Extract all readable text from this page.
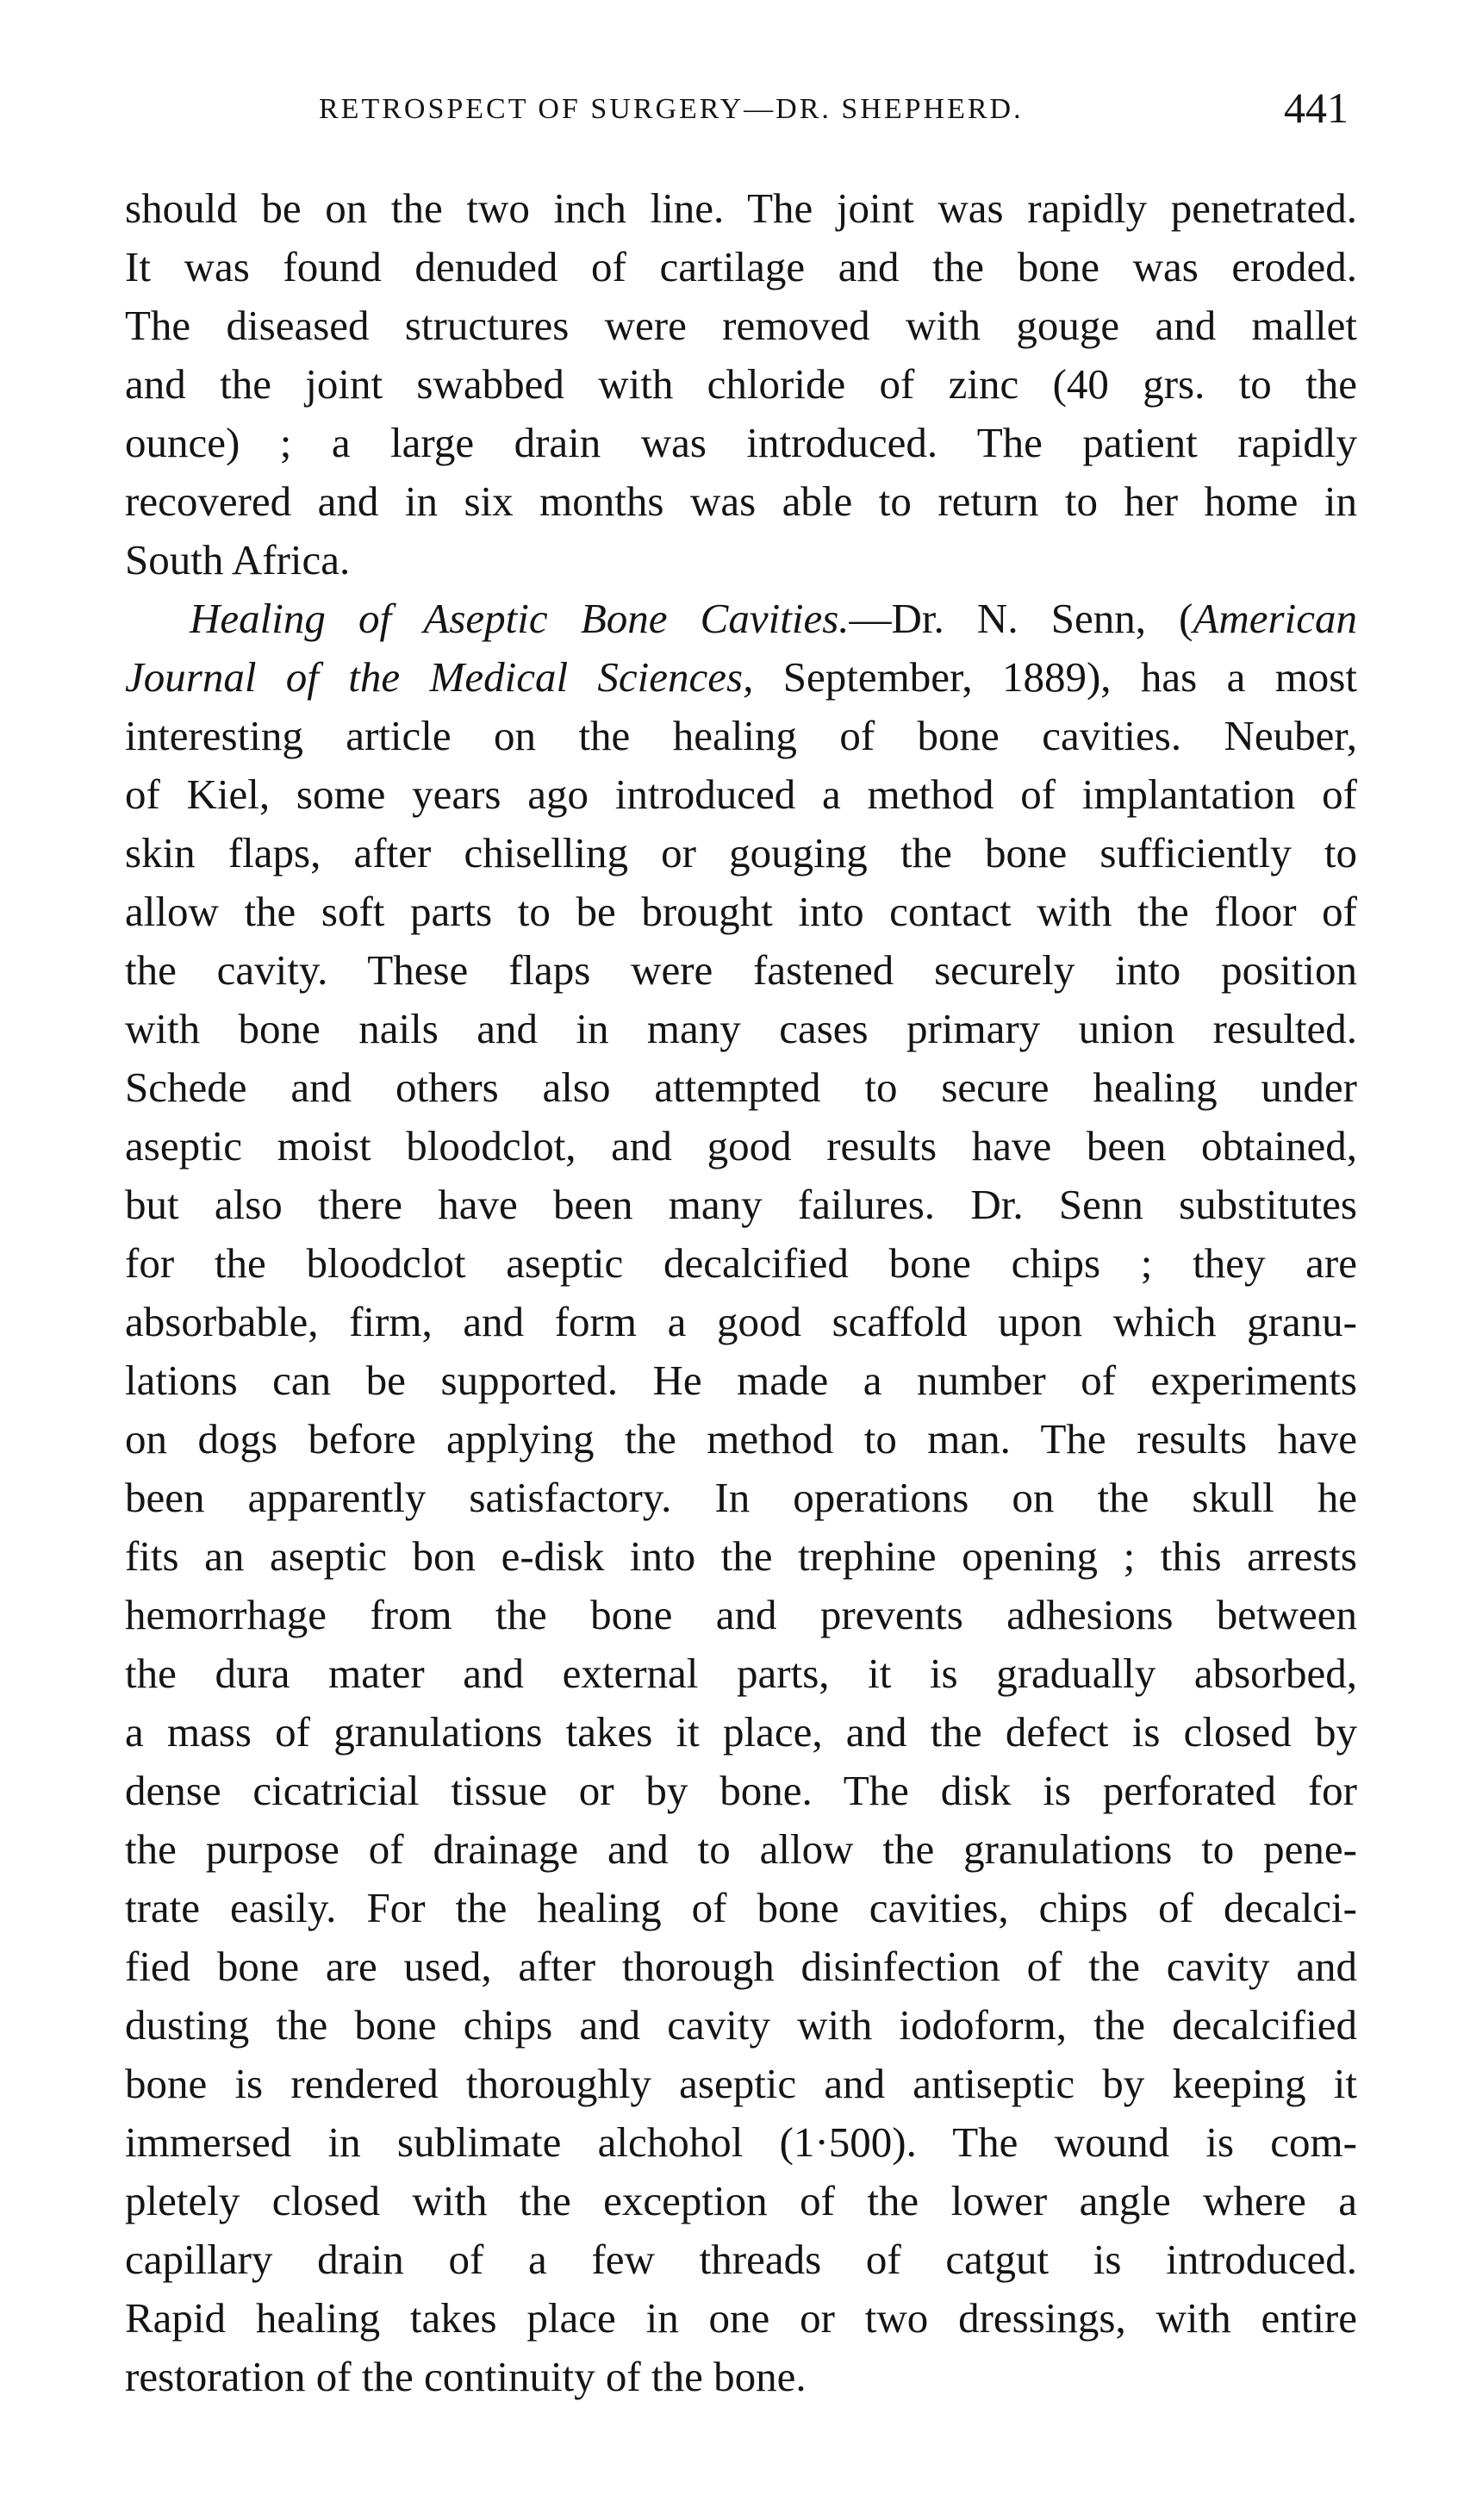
RETROSPECT OF SURGERY—DR. SHEPHERD.	441
should be on the two inch line. The joint was rapidly penetrated.
It was found denuded of cartilage and the bone was eroded.
The diseased structures were removed with gouge and mallet
and the joint swabbed with chloride of zinc (40 grs. to the
ounce) ; a large drain was introduced. The patient rapidly
recovered and in six months was able to return to her home in
South Africa.
Healing of Aseptic Bone Cavities.—Dr. N. Senn, (American
Journal of the Medical Sciences, September, 1889), has a most
interesting article on the healing of bone cavities. Neuber,
of Kiel, some years ago introduced a method of implantation of
skin flaps, after chiselling or gouging the bone sufficiently to
allow the soft parts to be brought into contact with the floor of
the cavity. These flaps were fastened securely into position
with bone nails and in many cases primary union resulted.
Schede and others also attempted to secure healing under
aseptic moist bloodclot, and good results have been obtained,
but also there have been many failures. Dr. Senn substitutes
for the bloodclot aseptic decalcified bone chips ; they are
absorbable, firm, and form a good scaffold upon which granu-
lations can be supported. He made a number of experiments
on dogs before applying the method to man. The results have
been apparently satisfactory. In operations on the skull he
fits an aseptic bon e-disk into the trephine opening ; this arrests
hemorrhage from the bone and prevents adhesions between
the dura mater and external parts, it is gradually absorbed,
a mass of granulations takes it place, and the defect is closed by
dense cicatricial tissue or by bone. The disk is perforated for
the purpose of drainage and to allow the granulations to pene-
trate easily. For the healing of bone cavities, chips of decalci-
fied bone are used, after thorough disinfection of the cavity and
dusting the bone chips and cavity with iodoform, the decalcified
bone is rendered thoroughly aseptic and antiseptic by keeping it
immersed in sublimate alchohol (1·500). The wound is com-
pletely closed with the exception of the lower angle where a
capillary drain of a few threads of catgut is introduced.
Rapid healing takes place in one or two dressings, with entire
restoration of the continuity of the bone.
